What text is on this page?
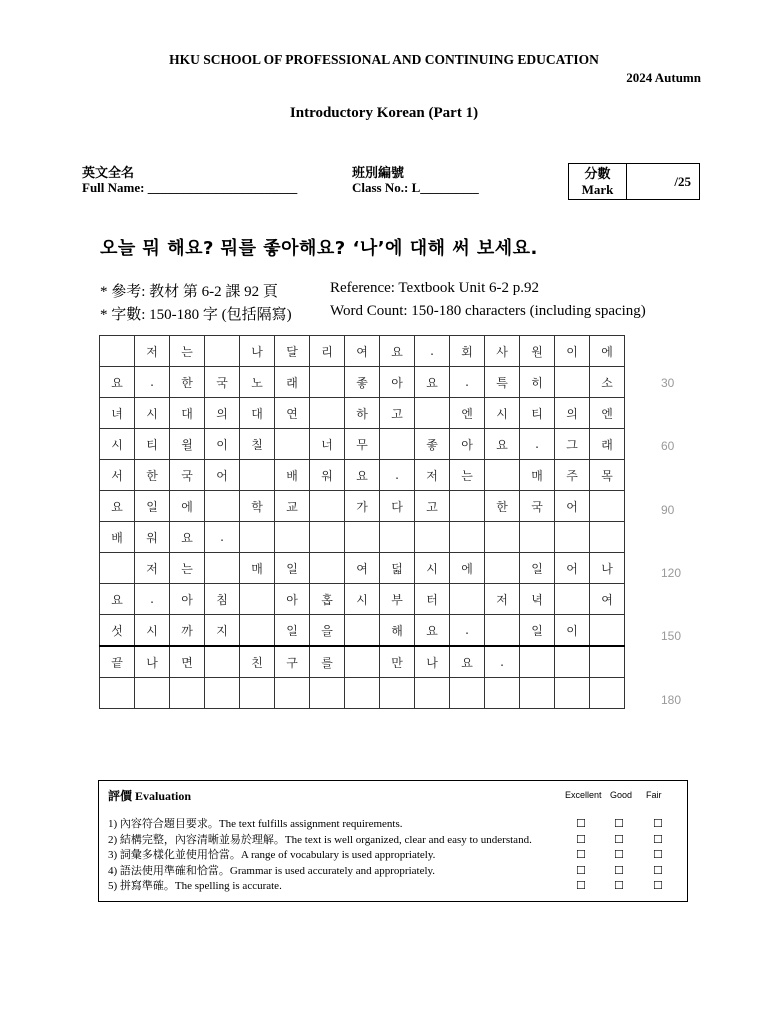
HKU SCHOOL OF PROFESSIONAL AND CONTINUING EDUCATION
2024 Autumn
Introductory Korean (Part 1)
英文全名
Full Name: _______________________
班別編號
Class No.: L_________
分數
Mark
/25
오늘 뭐 해요? 뭐를 좋아해요? ‘나’에 대해 써 보세요.
* 參考: 教材 第 6-2 課 92 頁	Reference: Textbook Unit 6-2 p.92
* 字數: 150-180 字 (包括隔寫)	Word Count: 150-180 characters (including spacing)
	저	는		나	달	리	여	요	.	회	사	원	이	에
요	.	한	국	노	래		좋	아	요	.	특	히		소
녀	시	대	의	대	연		하	고		엔	시	티	의	엔
시	티	윌	이	칠		너	무		좋	아	요	.	그	래
서	한	국	어		배	워	요	.	저	는		매	주	목
요	일	에		학	교		가	다	고		한	국	어	
배	워	요	.											
	저	는		매	일		여	덟	시	에		일	어	나
요	.	아	침		아	홉	시	부	터		저	녁		여
섯	시	까	지		일	을		해	요	.		일	이	
끝	나	면		친	구	를		만	나	요	.			

30
60
90
120
150
180
評價 Evaluation	Excellent Good Fair
1) 內容符合題目要求。The text fulfills assignment requirements.	☐	☐	☐
2) 結構完整，內容清晰並易於理解。The text is well organized, clear and easy to understand.	☐	☐	☐
3) 詞彙多樣化並使用恰當。A range of vocabulary is used appropriately.	☐	☐	☐
4) 語法使用準確和恰當。Grammar is used accurately and appropriately.	☐	☐	☐
5) 拼寫準確。The spelling is accurate.	☐	☐	☐
